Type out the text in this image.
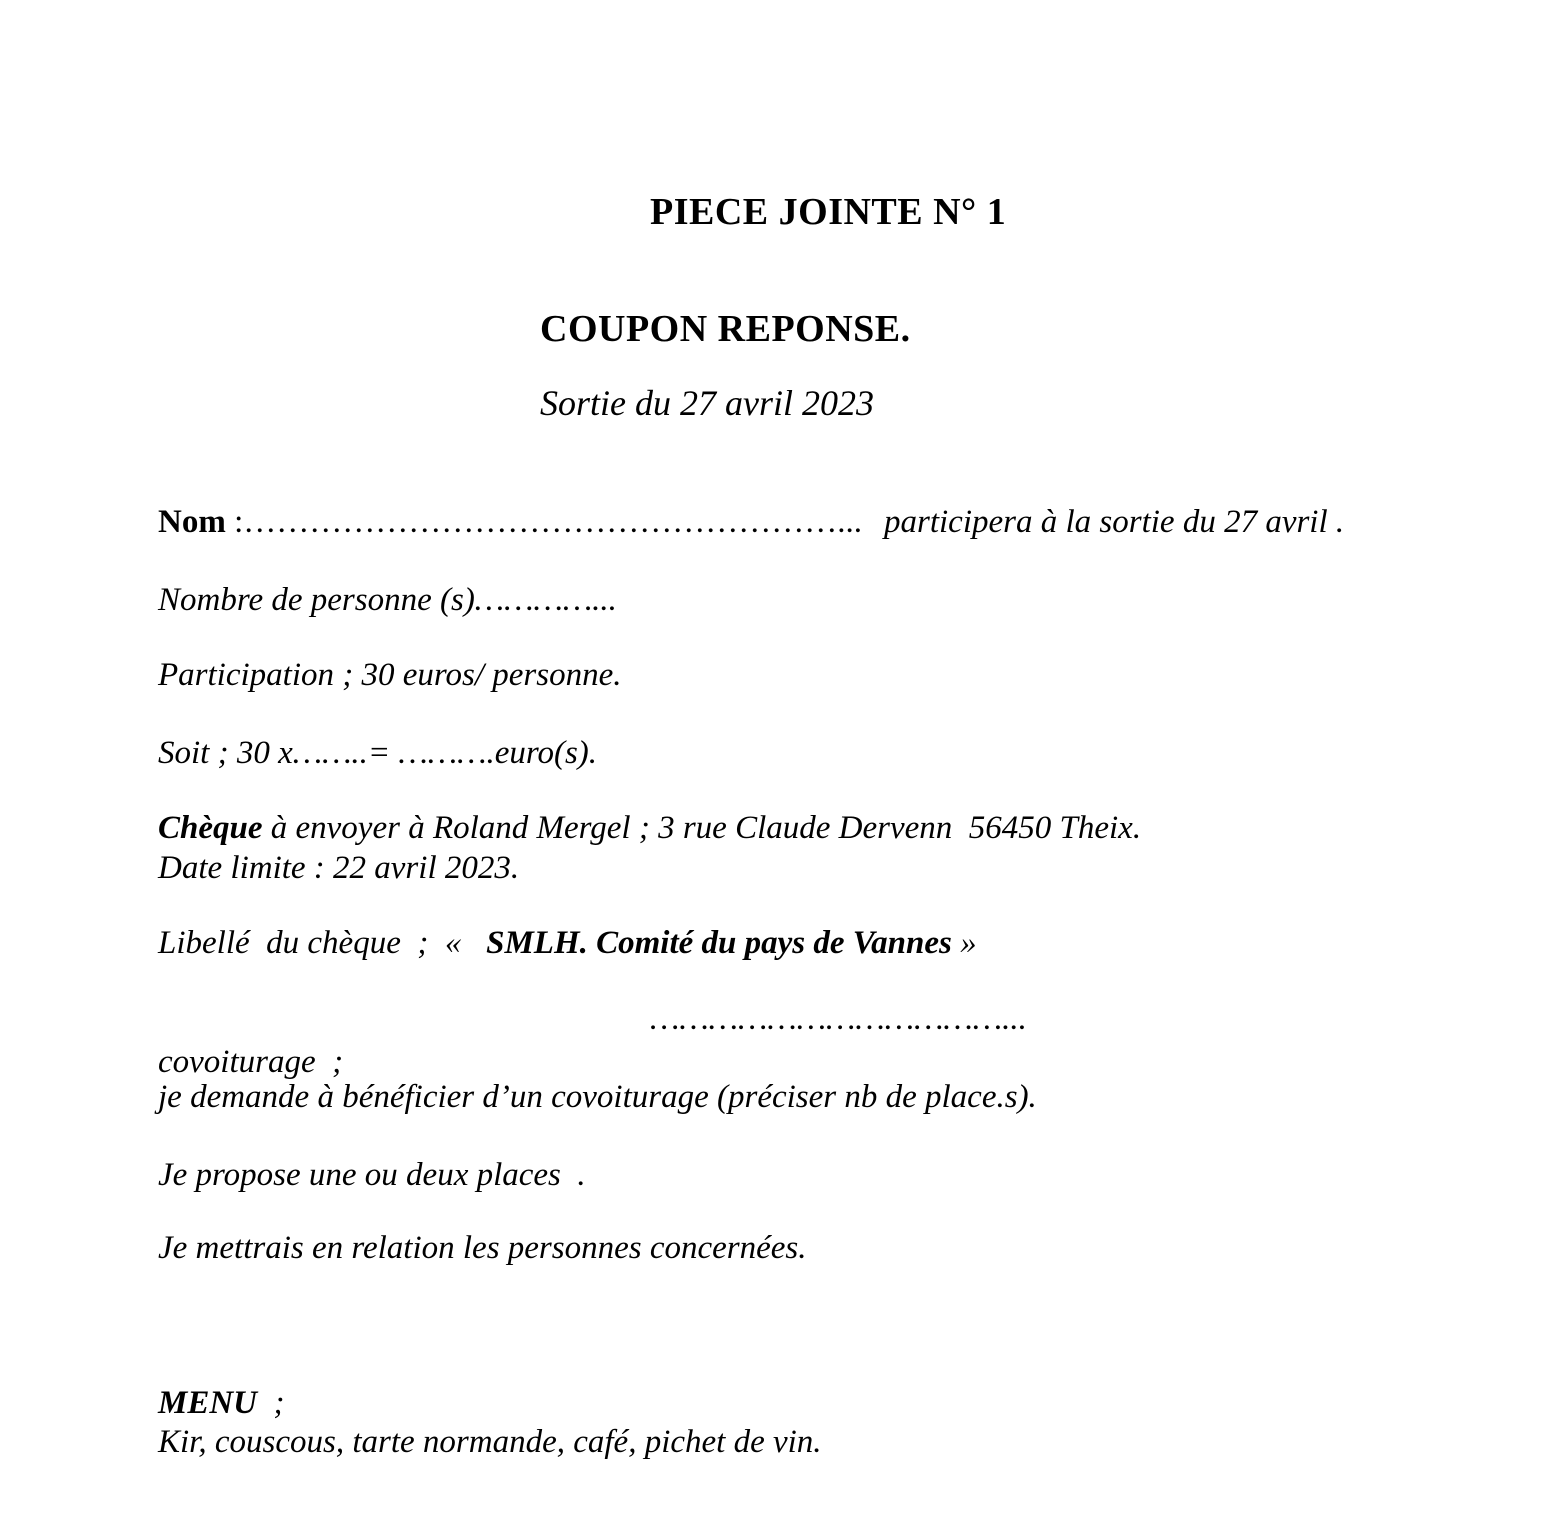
PIECE JOINTE N° 1

COUPON REPONSE.

Sortie du 27 avril 2023

Nom :………………………………………………... participera à la sortie du 27 avril .

Nombre de personne (s)…………...

Participation ; 30 euros/ personne.

Soit ; 30 x……..= ……….euro(s).

Chèque à envoyer à Roland Mergel ; 3 rue Claude Dervenn  56450 Theix.

Date limite : 22 avril 2023.

Libellé  du chèque  ;  «   SMLH. Comité du pays de Vannes »

………………………………...

covoiturage  ;

je demande à bénéficier d’un covoiturage (préciser nb de place.s).

Je propose une ou deux places  .

Je mettrais en relation les personnes concernées.

MENU  ;

Kir, couscous, tarte normande, café, pichet de vin.
